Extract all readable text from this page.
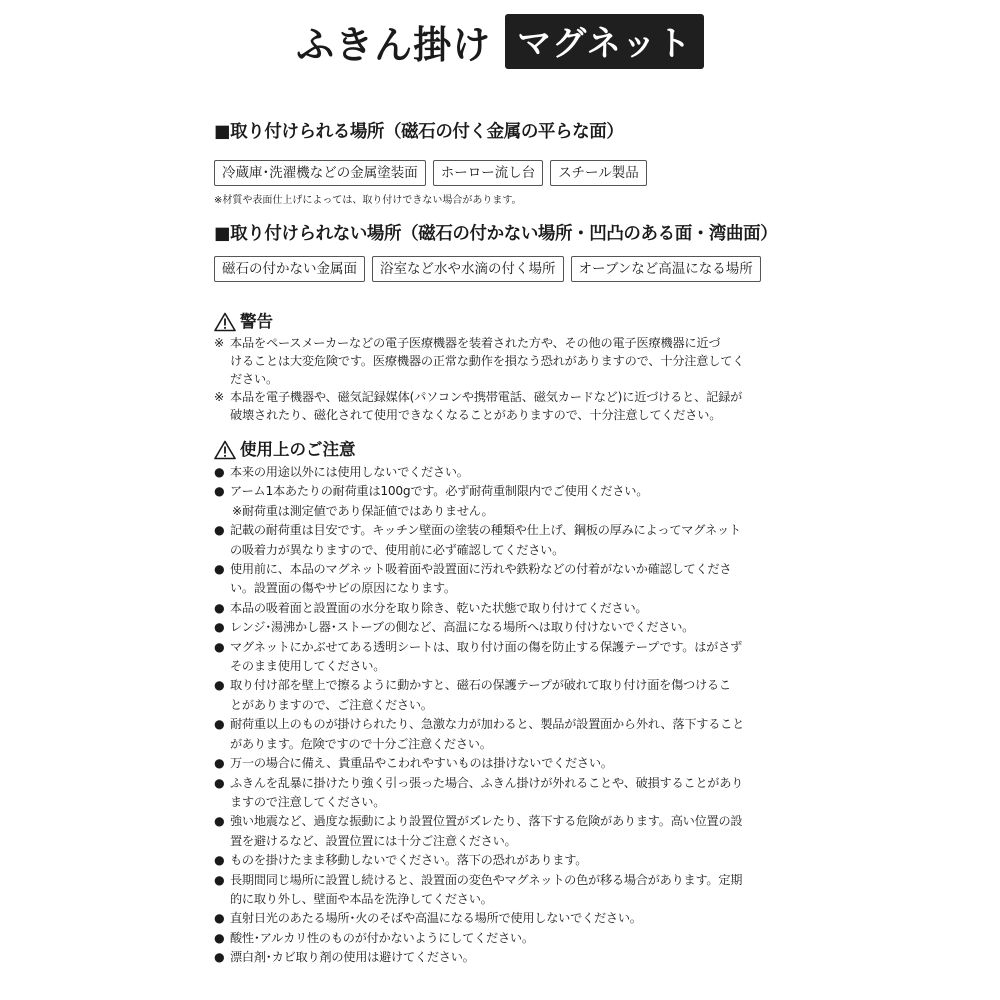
ふきん掛け マグネット
■取り付けられる場所（磁石の付く金属の平らな面）
冷蔵庫･洗濯機などの金属塗装面	ホーロー流し台	スチール製品
※材質や表面仕上げによっては、取り付けできない場合があります。
■取り付けられない場所（磁石の付かない場所・凹凸のある面・湾曲面）
磁石の付かない金属面	浴室など水や水滴の付く場所	オーブンなど高温になる場所
警告
※ 本品をペースメーカーなどの電子医療機器を装着された方や、その他の電子医療機器に近づ
けることは大変危険です。医療機器の正常な動作を損なう恐れがありますので、十分注意してく
ださい。
※ 本品を電子機器や、磁気記録媒体(パソコンや携帯電話、磁気カードなど)に近づけると、記録が
破壊されたり、磁化されて使用できなくなることがありますので、十分注意してください。
使用上のご注意
● 本来の用途以外には使用しないでください。
● アーム1本あたりの耐荷重は100gです。必ず耐荷重制限内でご使用ください。
※耐荷重は測定値であり保証値ではありません。
● 記載の耐荷重は目安です。キッチン壁面の塗装の種類や仕上げ、鋼板の厚みによってマグネット
の吸着力が異なりますので、使用前に必ず確認してください。
● 使用前に、本品のマグネット吸着面や設置面に汚れや鉄粉などの付着がないか確認してくださ
い。設置面の傷やサビの原因になります。
● 本品の吸着面と設置面の水分を取り除き、乾いた状態で取り付けてください。
● レンジ･湯沸かし器･ストーブの側など、高温になる場所へは取り付けないでください。
● マグネットにかぶせてある透明シートは、取り付け面の傷を防止する保護テープです。はがさず
そのまま使用してください。
● 取り付け部を壁上で擦るように動かすと、磁石の保護テープが破れて取り付け面を傷つけるこ
とがありますので、ご注意ください。
● 耐荷重以上のものが掛けられたり、急激な力が加わると、製品が設置面から外れ、落下すること
があります。危険ですので十分ご注意ください。
● 万一の場合に備え、貴重品やこわれやすいものは掛けないでください。
● ふきんを乱暴に掛けたり強く引っ張った場合、ふきん掛けが外れることや、破損することがあり
ますので注意してください。
● 強い地震など、過度な振動により設置位置がズレたり、落下する危険があります。高い位置の設
置を避けるなど、設置位置には十分ご注意ください。
● ものを掛けたまま移動しないでください。落下の恐れがあります。
● 長期間同じ場所に設置し続けると、設置面の変色やマグネットの色が移る場合があります。定期
的に取り外し、壁面や本品を洗浄してください。
● 直射日光のあたる場所･火のそばや高温になる場所で使用しないでください。
● 酸性･アルカリ性のものが付かないようにしてください。
● 漂白剤･カビ取り剤の使用は避けてください。
